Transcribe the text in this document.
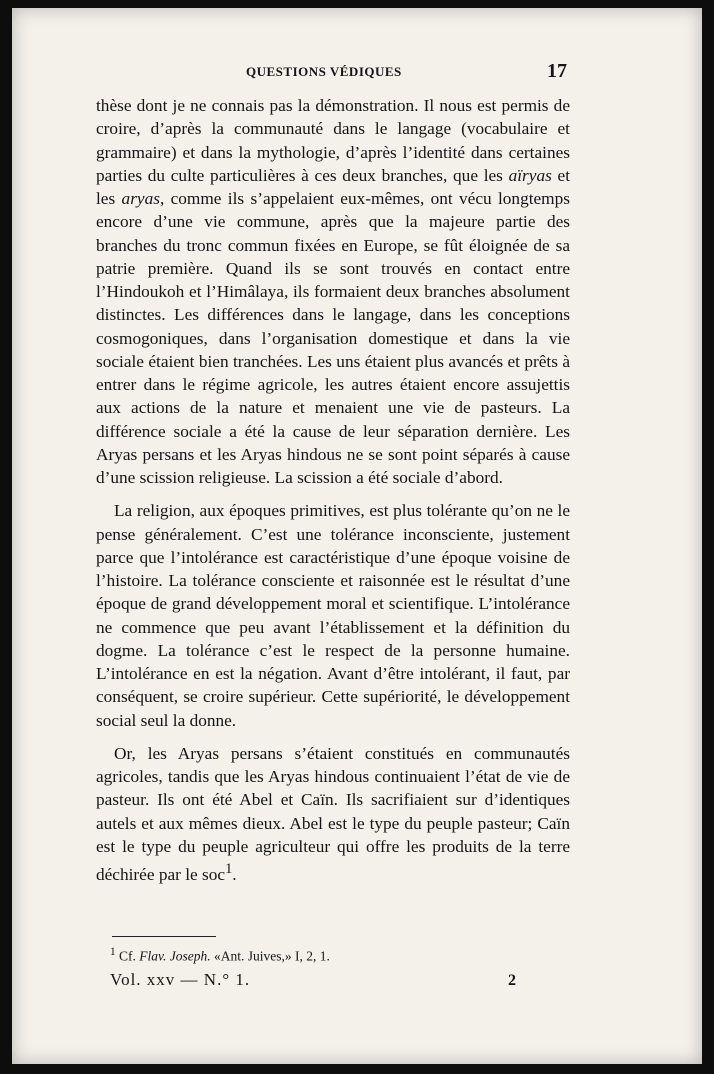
QUESTIONS VÉDIQUES	17

thèse dont je ne connais pas la démonstration. Il nous est permis de croire, d’après la communauté dans le langage (vocabulaire et grammaire) et dans la mythologie, d’après l’identité dans certaines parties du culte particulières à ces deux branches, que les aïryas et les aryas, comme ils s’appelaient eux-mêmes, ont vécu longtemps encore d’une vie commune, après que la majeure partie des branches du tronc commun fixées en Europe, se fût éloignée de sa patrie première. Quand ils se sont trouvés en contact entre l’Hindoukoh et l’Himâlaya, ils formaient deux branches absolument distinctes. Les différences dans le langage, dans les conceptions cosmogoniques, dans l’organisation domestique et dans la vie sociale étaient bien tranchées. Les uns étaient plus avancés et prêts à entrer dans le régime agricole, les autres étaient encore assujettis aux actions de la nature et menaient une vie de pasteurs. La différence sociale a été la cause de leur séparation dernière. Les Aryas persans et les Aryas hindous ne se sont point séparés à cause d’une scission religieuse. La scission a été sociale d’abord.

La religion, aux époques primitives, est plus tolérante qu’on ne le pense généralement. C’est une tolérance inconsciente, justement parce que l’intolérance est caractéristique d’une époque voisine de l’histoire. La tolérance consciente et raisonnée est le résultat d’une époque de grand développement moral et scientifique. L’intolérance ne commence que peu avant l’établissement et la définition du dogme. La tolérance c’est le respect de la personne humaine. L’intolérance en est la négation. Avant d’être intolérant, il faut, par conséquent, se croire supérieur. Cette supériorité, le développement social seul la donne.

Or, les Aryas persans s’étaient constitués en communautés agricoles, tandis que les Aryas hindous continuaient l’état de vie de pasteur. Ils ont été Abel et Caïn. Ils sacrifiaient sur d’identiques autels et aux mêmes dieux. Abel est le type du peuple pasteur; Caïn est le type du peuple agriculteur qui offre les produits de la terre déchirée par le soc$^1$.

$^1$ Cf. Flav. Joseph. «Ant. Juives,» I, 2, 1.
Vol. xxv — N.° 1.	2
